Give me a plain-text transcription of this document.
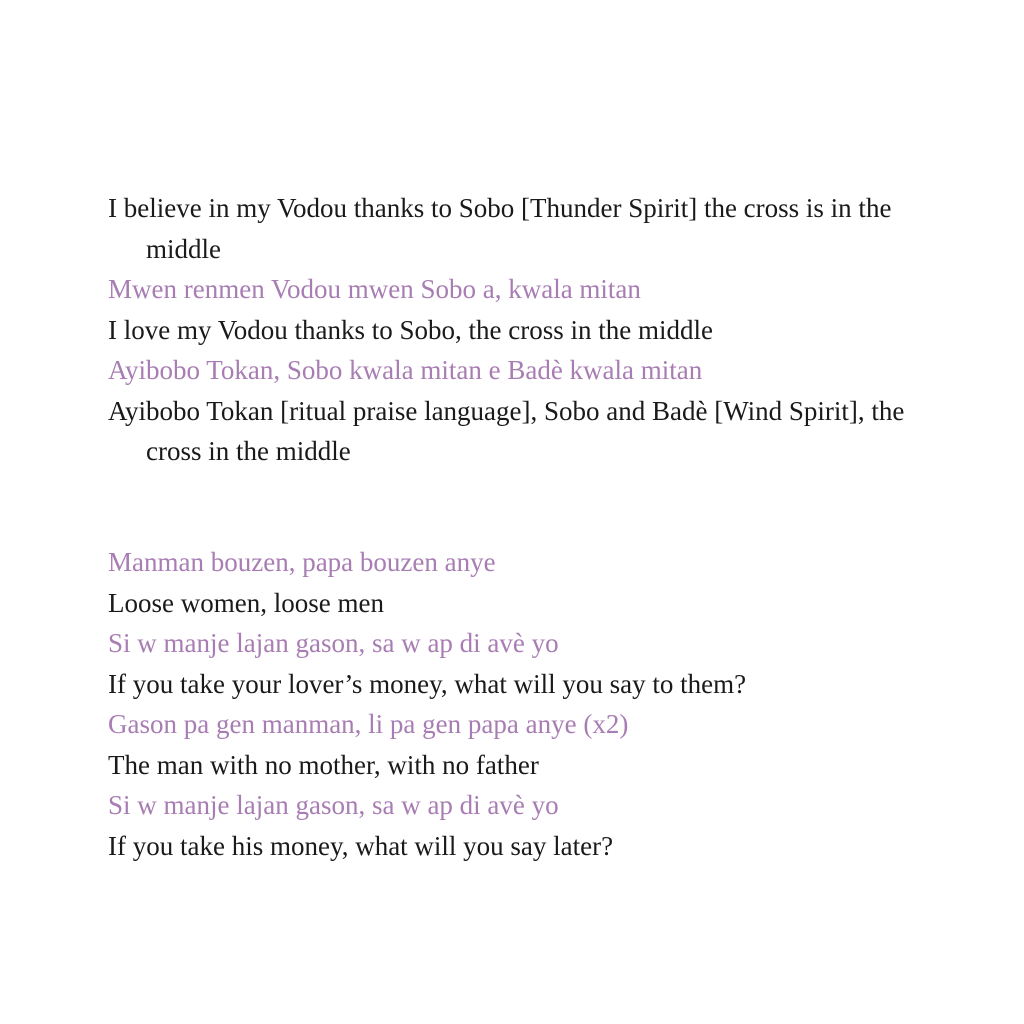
I believe in my Vodou thanks to Sobo [Thunder Spirit] the cross is in the middle
Mwen renmen Vodou mwen Sobo a, kwala mitan
I love my Vodou thanks to Sobo, the cross in the middle
Ayibobo Tokan, Sobo kwala mitan e Badè kwala mitan
Ayibobo Tokan [ritual praise language], Sobo and Badè [Wind Spirit], the cross in the middle
Manman bouzen, papa bouzen anye
Loose women, loose men
Si w manje lajan gason, sa w ap di avè yo
If you take your lover’s money, what will you say to them?
Gason pa gen manman, li pa gen papa anye (x2)
The man with no mother, with no father
Si w manje lajan gason, sa w ap di avè yo
If you take his money, what will you say later?
